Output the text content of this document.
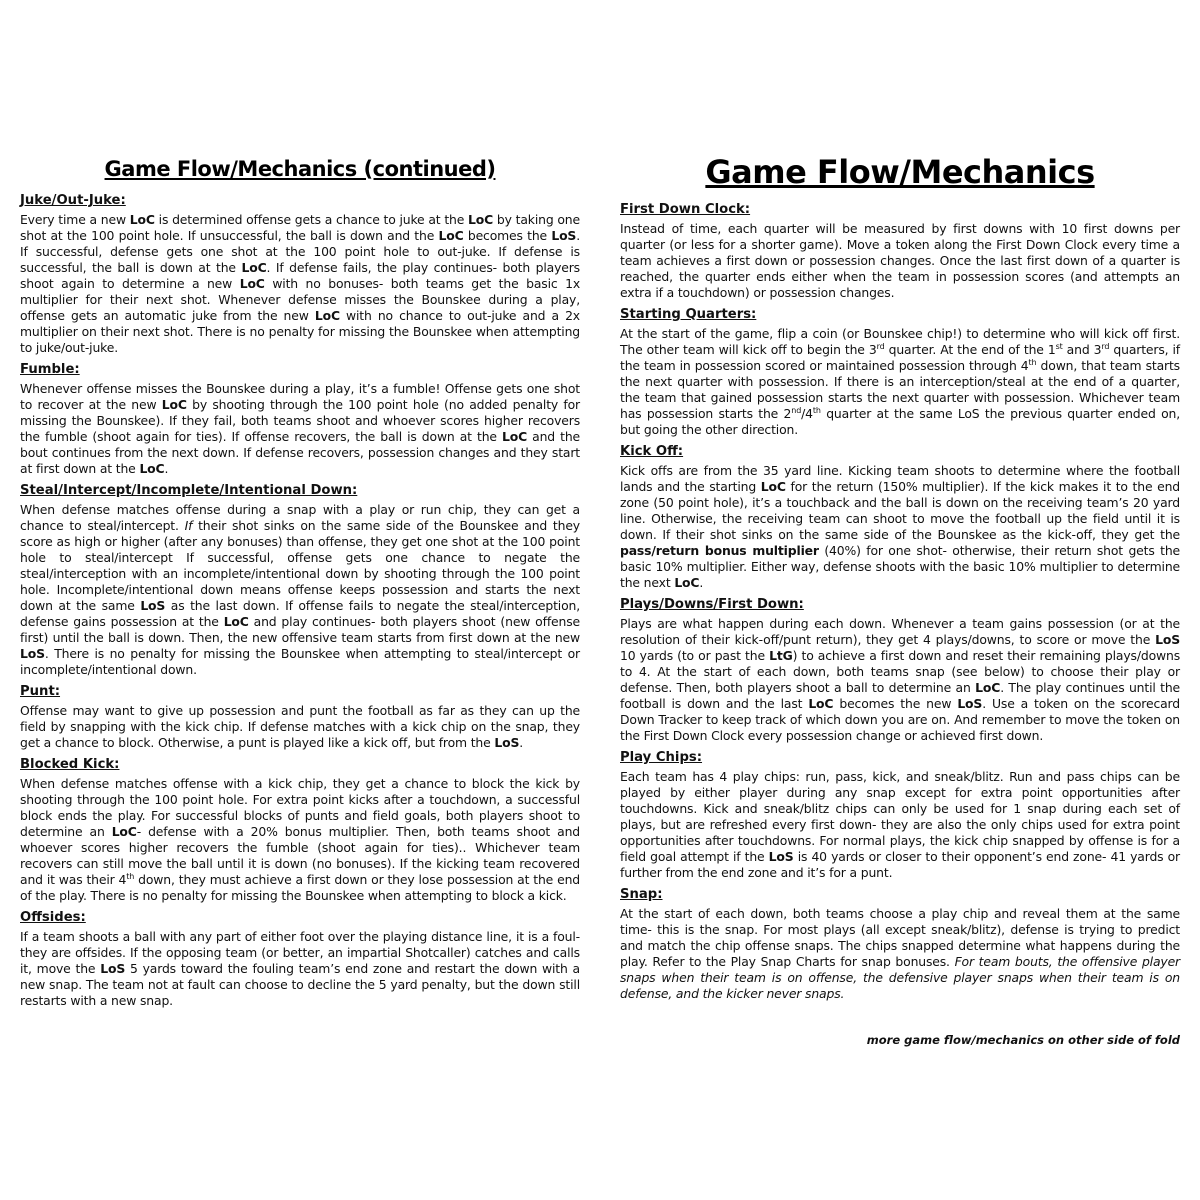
Game Flow/Mechanics (continued)
Juke/Out-Juke:
Every time a new LoC is determined offense gets a chance to juke at the LoC by taking one shot at the 100 point hole. If unsuccessful, the ball is down and the LoC becomes the LoS. If successful, defense gets one shot at the 100 point hole to out-juke. If defense is successful, the ball is down at the LoC. If defense fails, the play continues- both players shoot again to determine a new LoC with no bonuses- both teams get the basic 1x multiplier for their next shot. Whenever defense misses the Bounskee during a play, offense gets an automatic juke from the new LoC with no chance to out-juke and a 2x multiplier on their next shot. There is no penalty for missing the Bounskee when attempting to juke/out-juke.
Fumble:
Whenever offense misses the Bounskee during a play, it’s a fumble! Offense gets one shot to recover at the new LoC by shooting through the 100 point hole (no added penalty for missing the Bounskee). If they fail, both teams shoot and whoever scores higher recovers the fumble (shoot again for ties). If offense recovers, the ball is down at the LoC and the bout continues from the next down. If defense recovers, possession changes and they start at first down at the LoC.
Steal/Intercept/Incomplete/Intentional Down:
When defense matches offense during a snap with a play or run chip, they can get a chance to steal/intercept. If their shot sinks on the same side of the Bounskee and they score as high or higher (after any bonuses) than offense, they get one shot at the 100 point hole to steal/intercept If successful, offense gets one chance to negate the steal/interception with an incomplete/intentional down by shooting through the 100 point hole. Incomplete/intentional down means offense keeps possession and starts the next down at the same LoS as the last down. If offense fails to negate the steal/interception, defense gains possession at the LoC and play continues- both players shoot (new offense first) until the ball is down. Then, the new offensive team starts from first down at the new LoS. There is no penalty for missing the Bounskee when attempting to steal/intercept or incomplete/intentional down.
Punt:
Offense may want to give up possession and punt the football as far as they can up the field by snapping with the kick chip. If defense matches with a kick chip on the snap, they get a chance to block. Otherwise, a punt is played like a kick off, but from the LoS.
Blocked Kick:
When defense matches offense with a kick chip, they get a chance to block the kick by shooting through the 100 point hole. For extra point kicks after a touchdown, a successful block ends the play. For successful blocks of punts and field goals, both players shoot to determine an LoC- defense with a 20% bonus multiplier. Then, both teams shoot and whoever scores higher recovers the fumble (shoot again for ties).. Whichever team recovers can still move the ball until it is down (no bonuses). If the kicking team recovered and it was their 4th down, they must achieve a first down or they lose possession at the end of the play. There is no penalty for missing the Bounskee when attempting to block a kick.
Offsides:
If a team shoots a ball with any part of either foot over the playing distance line, it is a foul- they are offsides. If the opposing team (or better, an impartial Shotcaller) catches and calls it, move the LoS 5 yards toward the fouling team’s end zone and restart the down with a new snap. The team not at fault can choose to decline the 5 yard penalty, but the down still restarts with a new snap.
Game Flow/Mechanics
First Down Clock:
Instead of time, each quarter will be measured by first downs with 10 first downs per quarter (or less for a shorter game). Move a token along the First Down Clock every time a team achieves a first down or possession changes. Once the last first down of a quarter is reached, the quarter ends either when the team in possession scores (and attempts an extra if a touchdown) or possession changes.
Starting Quarters:
At the start of the game, flip a coin (or Bounskee chip!) to determine who will kick off first. The other team will kick off to begin the 3rd quarter. At the end of the 1st and 3rd quarters, if the team in possession scored or maintained possession through 4th down, that team starts the next quarter with possession. If there is an interception/steal at the end of a quarter, the team that gained possession starts the next quarter with possession. Whichever team has possession starts the 2nd/4th quarter at the same LoS the previous quarter ended on, but going the other direction.
Kick Off:
Kick offs are from the 35 yard line. Kicking team shoots to determine where the football lands and the starting LoC for the return (150% multiplier). If the kick makes it to the end zone (50 point hole), it’s a touchback and the ball is down on the receiving team’s 20 yard line. Otherwise, the receiving team can shoot to move the football up the field until it is down. If their shot sinks on the same side of the Bounskee as the kick-off, they get the pass/return bonus multiplier (40%) for one shot- otherwise, their return shot gets the basic 10% multiplier. Either way, defense shoots with the basic 10% multiplier to determine the next LoC.
Plays/Downs/First Down:
Plays are what happen during each down. Whenever a team gains possession (or at the resolution of their kick-off/punt return), they get 4 plays/downs, to score or move the LoS 10 yards (to or past the LtG) to achieve a first down and reset their remaining plays/downs to 4. At the start of each down, both teams snap (see below) to choose their play or defense. Then, both players shoot a ball to determine an LoC. The play continues until the football is down and the last LoC becomes the new LoS. Use a token on the scorecard Down Tracker to keep track of which down you are on. And remember to move the token on the First Down Clock every possession change or achieved first down.
Play Chips:
Each team has 4 play chips: run, pass, kick, and sneak/blitz. Run and pass chips can be played by either player during any snap except for extra point opportunities after touchdowns. Kick and sneak/blitz chips can only be used for 1 snap during each set of plays, but are refreshed every first down- they are also the only chips used for extra point opportunities after touchdowns. For normal plays, the kick chip snapped by offense is for a field goal attempt if the LoS is 40 yards or closer to their opponent’s end zone- 41 yards or further from the end zone and it’s for a punt.
Snap:
At the start of each down, both teams choose a play chip and reveal them at the same time- this is the snap. For most plays (all except sneak/blitz), defense is trying to predict and match the chip offense snaps. The chips snapped determine what happens during the play. Refer to the Play Snap Charts for snap bonuses. For team bouts, the offensive player snaps when their team is on offense, the defensive player snaps when their team is on defense, and the kicker never snaps.
more game flow/mechanics on other side of fold
